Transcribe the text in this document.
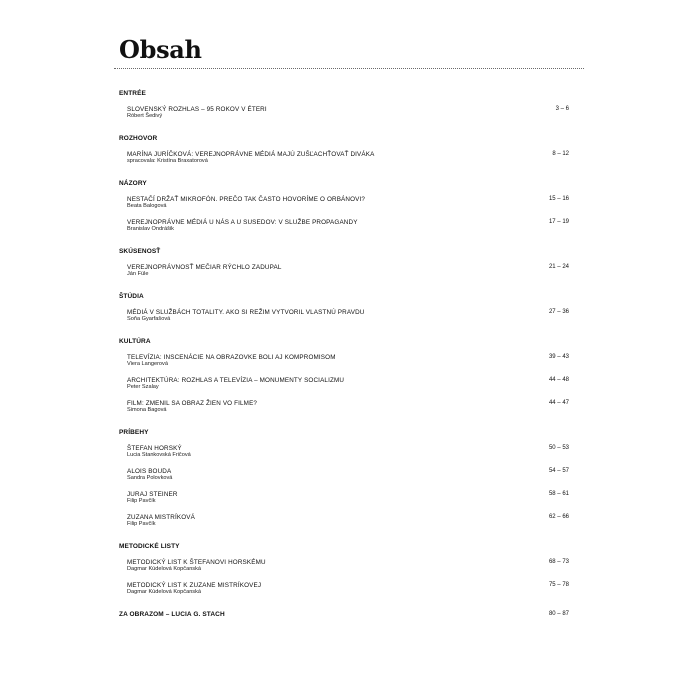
Obsah
ENTRÉE
SLOVENSKÝ ROZHLAS – 95 ROKOV V ÉTERI
Róbert Šedivý
3 – 6
ROZHOVOR
MARÍNA JURÍČKOVÁ: VEREJNOPRÁVNE MÉDIÁ MAJÚ ZUŠĽACHŤOVAŤ DIVÁKA
spracovala: Kristína Braxatorová
8 – 12
NÁZORY
NESTAČÍ DRŽAŤ MIKROFÓN. PREČO TAK ČASTO HOVORÍME O ORBÁNOVI?
Beata Balogová
15 – 16
VEREJNOPRÁVNE MÉDIÁ U NÁS A U SUSEDOV: V SLUŽBE PROPAGANDY
Branislav Ondrášik
17 – 19
SKÚSENOSŤ
VEREJNOPRÁVNOSŤ MEČIAR RÝCHLO ZADUPAL
Ján Füle
21 – 24
ŠTÚDIA
MÉDIÁ V SLUŽBÁCH TOTALITY. AKO SI REŽIM VYTVORIL VLASTNÚ PRAVDU
Soňa Gyarfašová
27 – 36
KULTÚRA
TELEVÍZIA: INSCENÁCIE NA OBRAZOVKE BOLI AJ KOMPROMISOM
Viera Langerová
39 – 43
ARCHITEKTÚRA: ROZHLAS A TELEVÍZIA – MONUMENTY SOCIALIZMU
Peter Szalay
44 – 48
FILM: ZMENIL SA OBRAZ ŽIEN VO FILME?
Simona Bagová
44 – 47
PRÍBEHY
ŠTEFAN HORSKÝ
Lucia Stankovská Fričová
50 – 53
ALOIS BOUDA
Sandra Polovková
54 – 57
JURAJ STEINER
Filip Pavčík
58 – 61
ZUZANA MISTRÍKOVÁ
Filip Pavčík
62 – 66
METODICKÉ LISTY
METODICKÝ LIST K ŠTEFANOVI HORSKÉMU
Dagmar Kúdelová Kopčanská
68 – 73
METODICKÝ LIST K ZUZANE MISTRÍKOVEJ
Dagmar Kúdelová Kopčanská
75 – 78
ZA OBRAZOM – LUCIA G. STACH	80 – 87
